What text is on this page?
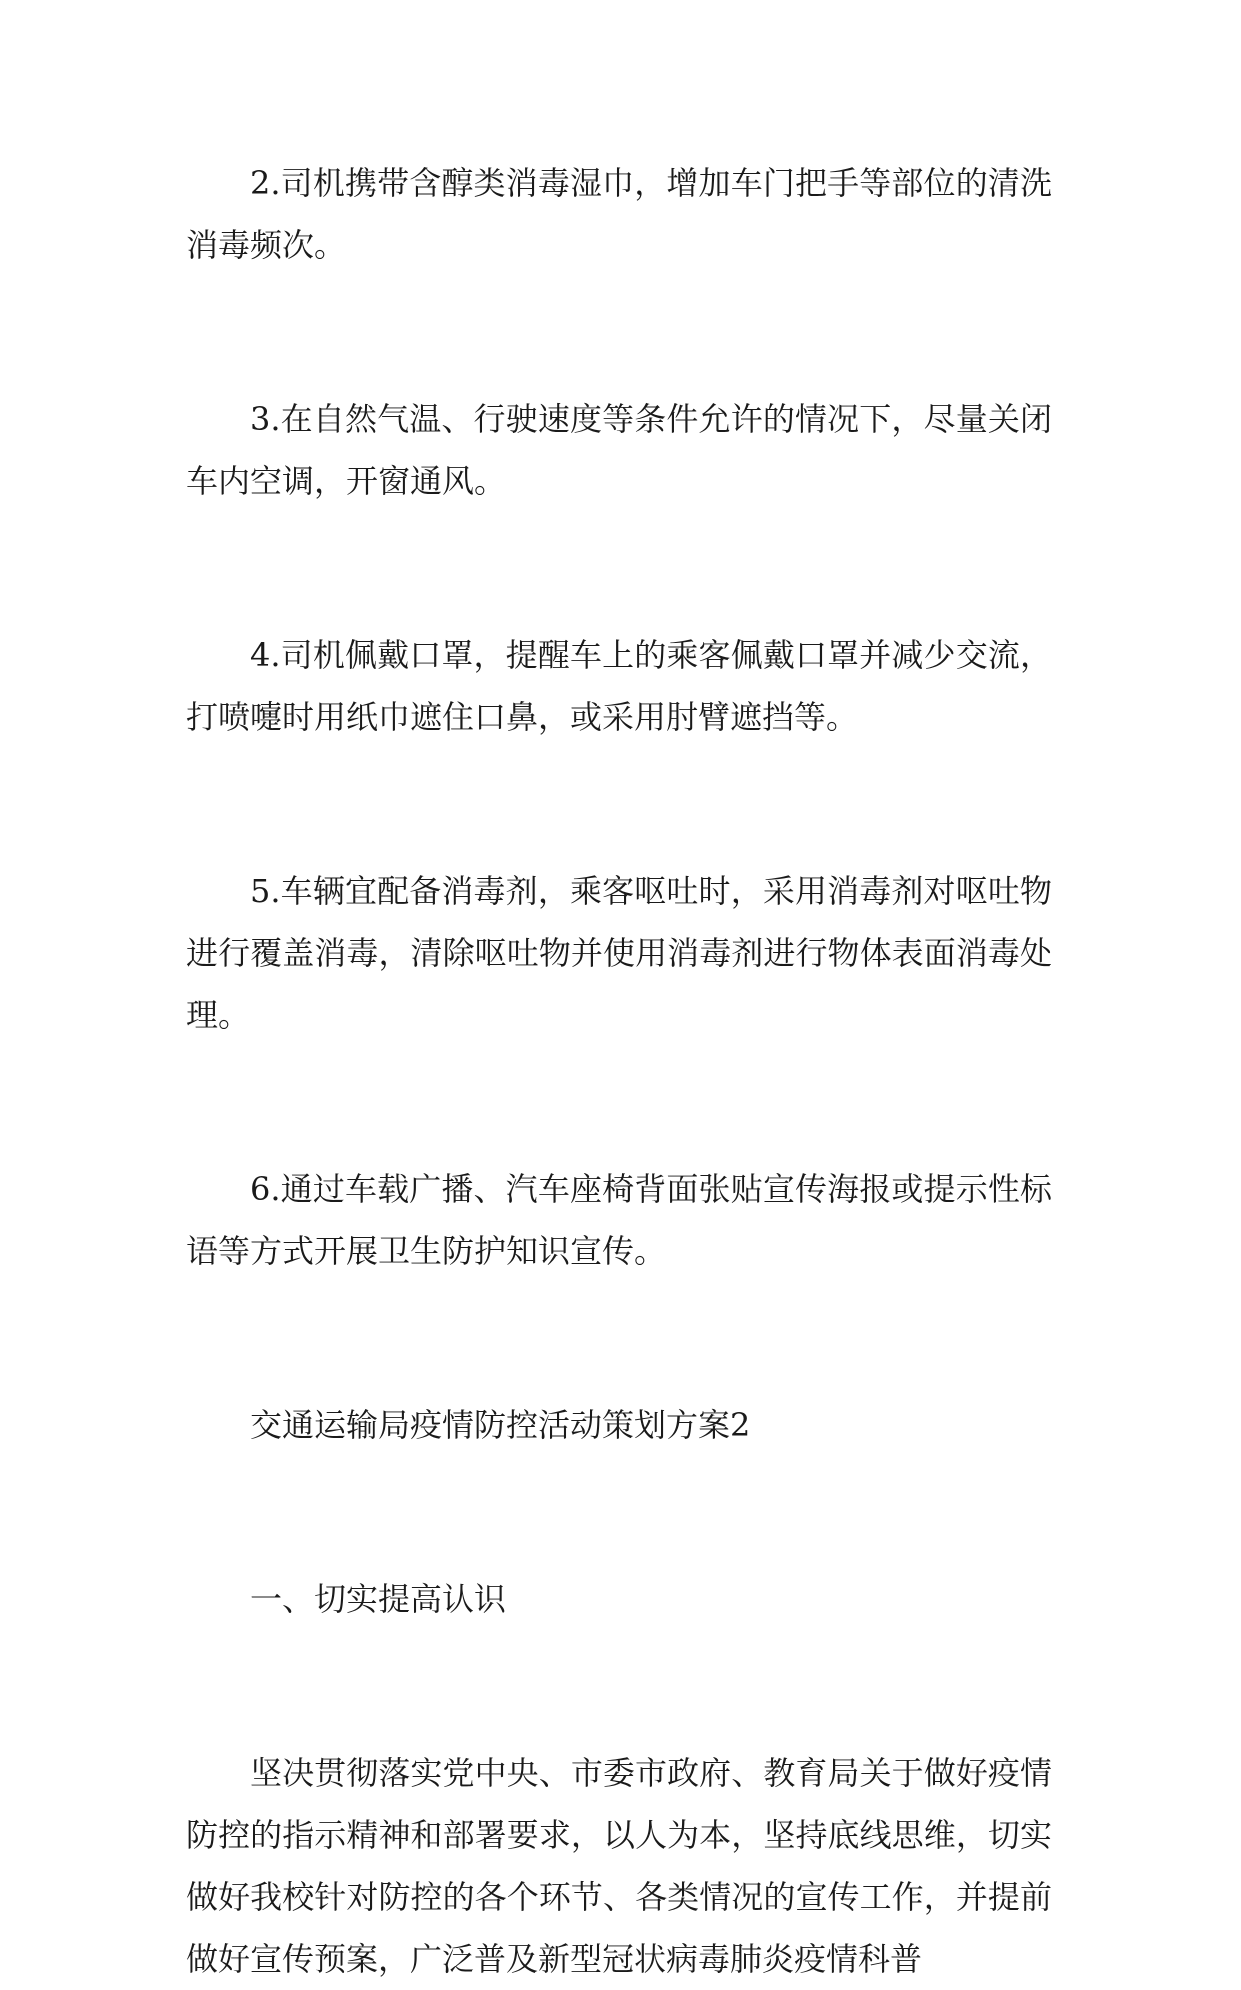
2.司机携带含醇类消毒湿巾，增加车门把手等部位的清洗消毒频次。

3.在自然气温、行驶速度等条件允许的情况下，尽量关闭车内空调，开窗通风。

4.司机佩戴口罩，提醒车上的乘客佩戴口罩并减少交流，打喷嚏时用纸巾遮住口鼻，或采用肘臂遮挡等。

5.车辆宜配备消毒剂，乘客呕吐时，采用消毒剂对呕吐物进行覆盖消毒，清除呕吐物并使用消毒剂进行物体表面消毒处理。

6.通过车载广播、汽车座椅背面张贴宣传海报或提示性标语等方式开展卫生防护知识宣传。

交通运输局疫情防控活动策划方案2

一、切实提高认识

坚决贯彻落实党中央、市委市政府、教育局关于做好疫情防控的指示精神和部署要求，以人为本，坚持底线思维，切实做好我校针对防控的各个环节、各类情况的宣传工作，并提前做好宣传预案，广泛普及新型冠状病毒肺炎疫情科普
